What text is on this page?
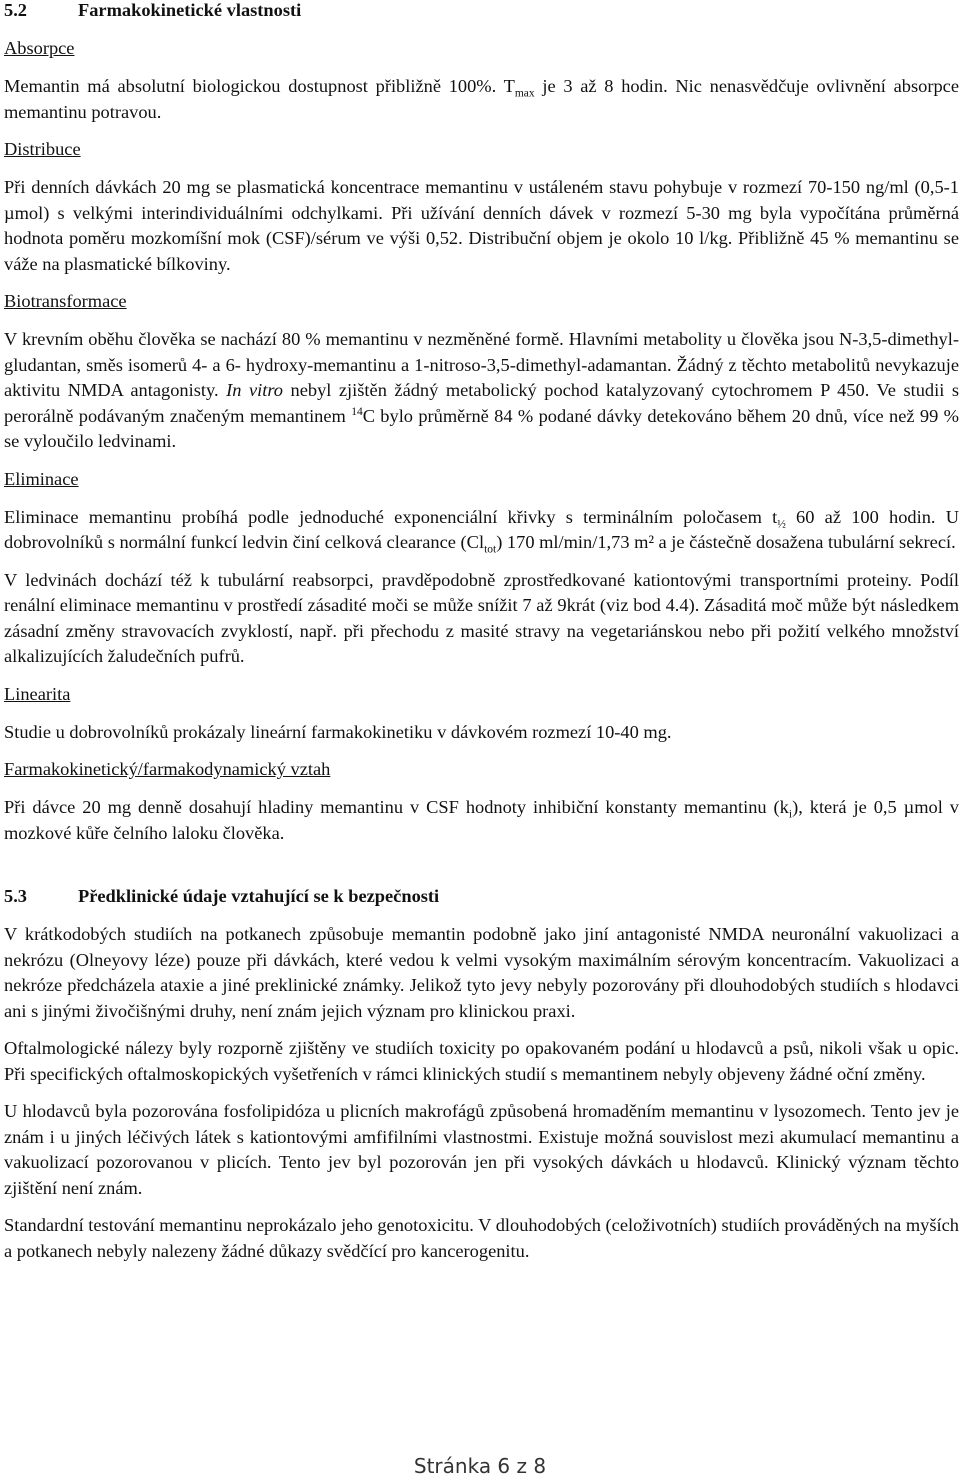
5.2	Farmakokinetické vlastnosti
Absorpce

Memantin má absolutní biologickou dostupnost přibližně 100%. $T_{max}$ je 3 až 8 hodin. Nic nenasvědčuje ovlivnění absorpce memantinu potravou.

Distribuce

Při denních dávkách 20 mg se plasmatická koncentrace memantinu v ustáleném stavu pohybuje v rozmezí 70-150 ng/ml (0,5-1 µmol) s velkými interindividuálními odchylkami. Při užívání denních dávek v rozmezí 5-30 mg byla vypočítána průměrná hodnota poměru mozkomíšní mok (CSF)/sérum ve výši 0,52. Distribuční objem je okolo 10 l/kg. Přibližně 45 % memantinu se váže na plasmatické bílkoviny.

Biotransformace

V krevním oběhu člověka se nachází 80 % memantinu v nezměněné formě. Hlavními metabolity u člověka jsou N-3,5-dimethyl-gludantan, směs isomerů 4- a 6- hydroxy-memantinu a 1-nitroso-3,5-dimethyl-adamantan. Žádný z těchto metabolitů nevykazuje aktivitu NMDA antagonisty. In vitro nebyl zjištěn žádný metabolický pochod katalyzovaný cytochromem P 450. Ve studii s perorálně podávaným značeným memantinem $^{14}$C bylo průměrně 84 % podané dávky detekováno během 20 dnů, více než 99 % se vyloučilo ledvinami.

Eliminace

Eliminace memantinu probíhá podle jednoduché exponenciální křivky s terminálním poločasem $t_{\frac{1}{2}}$ 60 až 100 hodin. U dobrovolníků s normální funkcí ledvin činí celková clearance $(Cl_{tot})$ 170 ml/min/1,73 m² a je částečně dosažena tubulární sekrecí.

V ledvinách dochází též k tubulární reabsorpci, pravděpodobně zprostředkované kationtovými transportními proteiny. Podíl renální eliminace memantinu v prostředí zásadité moči se může snížit 7 až 9krát (viz bod 4.4). Zásaditá moč může být následkem zásadní změny stravovacích zvyklostí, např. při přechodu z masité stravy na vegetariánskou nebo při požití velkého množství alkalizujících žaludečních pufrů.

Linearita

Studie u dobrovolníků prokázaly lineární farmakokinetiku v dávkovém rozmezí 10-40 mg.

Farmakokinetický/farmakodynamický vztah

Při dávce 20 mg denně dosahují hladiny memantinu v CSF hodnoty inhibiční konstanty memantinu $(k_i)$, která je 0,5 µmol v mozkové kůře čelního laloku člověka.

5.3	Předklinické údaje vztahující se k bezpečnosti

V krátkodobých studiích na potkanech způsobuje memantin podobně jako jiní antagonisté NMDA neuronální vakuolizaci a nekrózu (Olneyovy léze) pouze při dávkách, které vedou k velmi vysokým maximálním sérovým koncentracím. Vakuolizaci a nekróze předcházela ataxie a jiné preklinické známky. Jelikož tyto jevy nebyly pozorovány při dlouhodobých studiích s hlodavci ani s jinými živočišnými druhy, není znám jejich význam pro klinickou praxi.

Oftalmologické nálezy byly rozporně zjištěny ve studiích toxicity po opakovaném podání u hlodavců a psů, nikoli však u opic. Při specifických oftalmoskopických vyšetřeních v rámci klinických studií s memantinem nebyly objeveny žádné oční změny.

U hlodavců byla pozorována fosfolipidóza u plicních makrofágů způsobená hromaděním memantinu v lysozomech. Tento jev je znám i u jiných léčivých látek s kationtovými amfifilními vlastnostmi. Existuje možná souvislost mezi akumulací memantinu a vakuolizací pozorovanou v plicích. Tento jev byl pozorován jen při vysokých dávkách u hlodavců. Klinický význam těchto zjištění není znám.

Standardní testování memantinu neprokázalo jeho genotoxicitu. V dlouhodobých (celoživotních) studiích prováděných na myších a potkanech nebyly nalezeny žádné důkazy svědčící pro kancerogenitu.

Stránka 6 z 8
